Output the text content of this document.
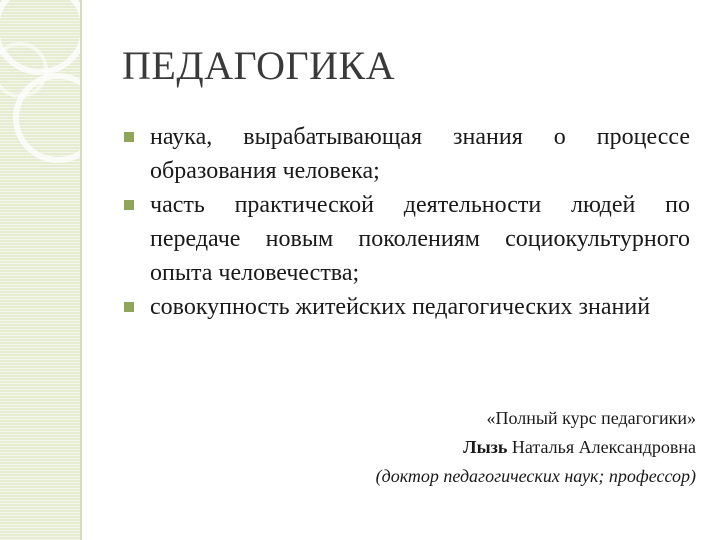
ПЕДАГОГИКА
наука, вырабатывающая знания о процессе образования человека;
часть практической деятельности людей по передаче новым поколениям социокультурного опыта человечества;
совокупность житейских педагогических знаний
«Полный курс педагогики»
Лызь Наталья Александровна
(доктор педагогических наук; профессор)
